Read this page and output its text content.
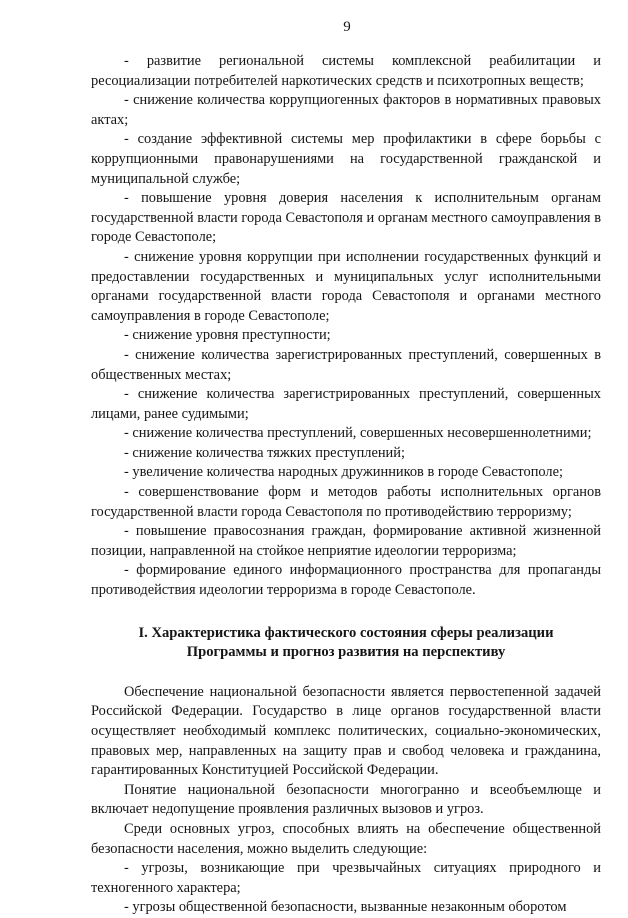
9

- развитие региональной системы комплексной реабилитации и ресоциализации потребителей наркотических средств и психотропных веществ;

- снижение количества коррупциогенных факторов в нормативных правовых актах;

- создание эффективной системы мер профилактики в сфере борьбы с коррупционными правонарушениями на государственной гражданской и муниципальной службе;

- повышение уровня доверия населения к исполнительным органам государственной власти города Севастополя и органам местного самоуправления в городе Севастополе;

- снижение уровня коррупции при исполнении государственных функций и предоставлении государственных и муниципальных услуг исполнительными органами государственной власти города Севастополя и органами местного самоуправления в городе Севастополе;

- снижение уровня преступности;

- снижение количества зарегистрированных преступлений, совершенных в общественных местах;

- снижение количества зарегистрированных преступлений, совершенных лицами, ранее судимыми;

- снижение количества преступлений, совершенных несовершеннолетними;

- снижение количества тяжких преступлений;

- увеличение количества народных дружинников в городе Севастополе;

- совершенствование форм и методов работы исполнительных органов государственной власти города Севастополя по противодействию терроризму;

- повышение правосознания граждан, формирование активной жизненной позиции, направленной на стойкое неприятие идеологии терроризма;

- формирование единого информационного пространства для пропаганды противодействия идеологии терроризма в городе Севастополе.

I. Характеристика фактического состояния сферы реализации
Программы и прогноз развития на перспективу

Обеспечение национальной безопасности является первостепенной задачей Российской Федерации. Государство в лице органов государственной власти осуществляет необходимый комплекс политических, социально-экономических, правовых мер, направленных на защиту прав и свобод человека и гражданина, гарантированных Конституцией Российской Федерации.

Понятие национальной безопасности многогранно и всеобъемлюще и включает недопущение проявления различных вызовов и угроз.

Среди основных угроз, способных влиять на обеспечение общественной безопасности населения, можно выделить следующие:

- угрозы, возникающие при чрезвычайных ситуациях природного и техногенного характера;

- угрозы общественной безопасности, вызванные незаконным оборотом
